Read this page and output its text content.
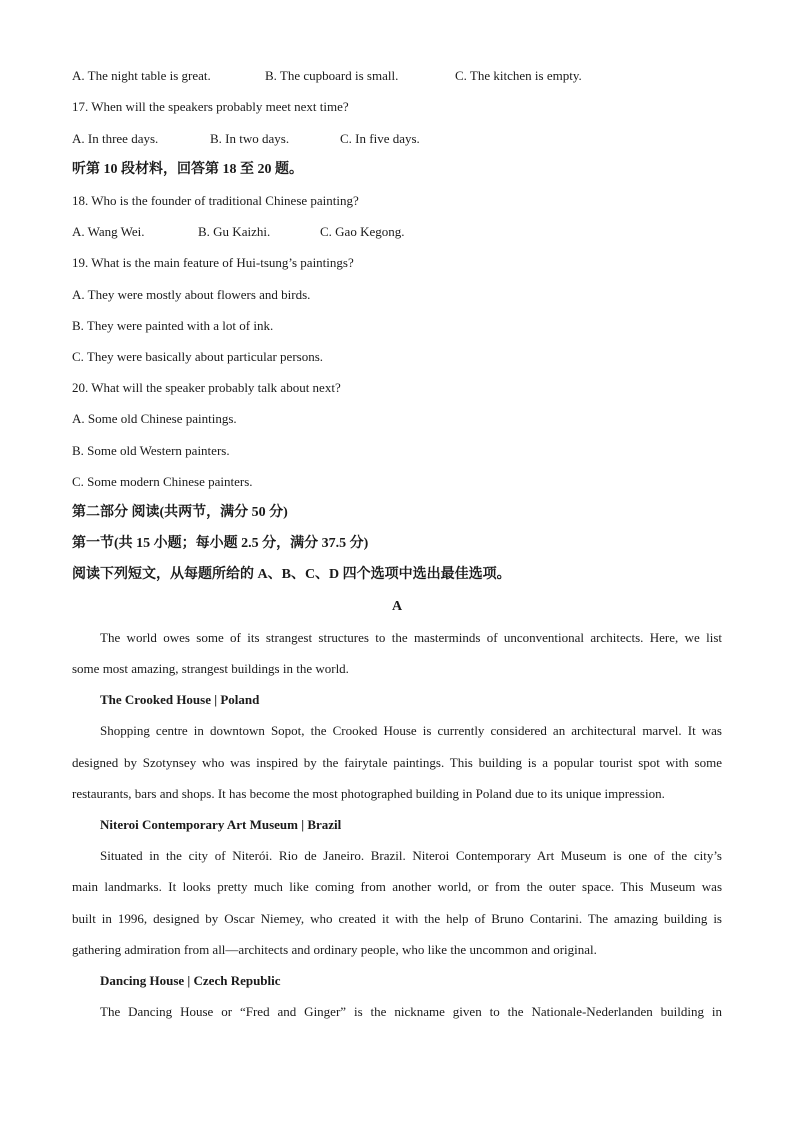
A. The night table is great.	B. The cupboard is small.	C. The kitchen is empty.
17. When will the speakers probably meet next time?
A. In three days.	B. In two days.	C. In five days.
听第 10 段材料，回答第 18 至 20 题。
18. Who is the founder of traditional Chinese painting?
A. Wang Wei.	B. Gu Kaizhi.	C. Gao Kegong.
19. What is the main feature of Hui-tsung’s paintings?
A. They were mostly about flowers and birds.
B. They were painted with a lot of ink.
C. They were basically about particular persons.
20. What will the speaker probably talk about next?
A. Some old Chinese paintings.
B. Some old Western painters.
C. Some modern Chinese painters.
第二部分 阅读(共两节，满分 50 分)
第一节(共 15 小题；每小题 2.5 分，满分 37.5 分)
阅读下列短文，从每题所给的 A、B、C、D 四个选项中选出最佳选项。
A
The world owes some of its strangest structures to the masterminds of unconventional architects. Here, we list
some most amazing, strangest buildings in the world.
The Crooked House | Poland
Shopping centre in downtown Sopot, the Crooked House is currently considered an architectural marvel. It was
designed by Szotynsey who was inspired by the fairytale paintings. This building is a popular tourist spot with some
restaurants, bars and shops. It has become the most photographed building in Poland due to its unique impression.
Niteroi Contemporary Art Museum | Brazil
Situated in the city of Niterói. Rio de Janeiro. Brazil. Niteroi Contemporary Art Museum is one of the city’s
main landmarks. It looks pretty much like coming from another world, or from the outer space. This Museum was
built in 1996, designed by Oscar Niemey, who created it with the help of Bruno Contarini. The amazing building is
gathering admiration from all—architects and ordinary people, who like the uncommon and original.
Dancing House | Czech Republic
The Dancing House or “Fred and Ginger” is the nickname given to the Nationale-Nederlanden building in
